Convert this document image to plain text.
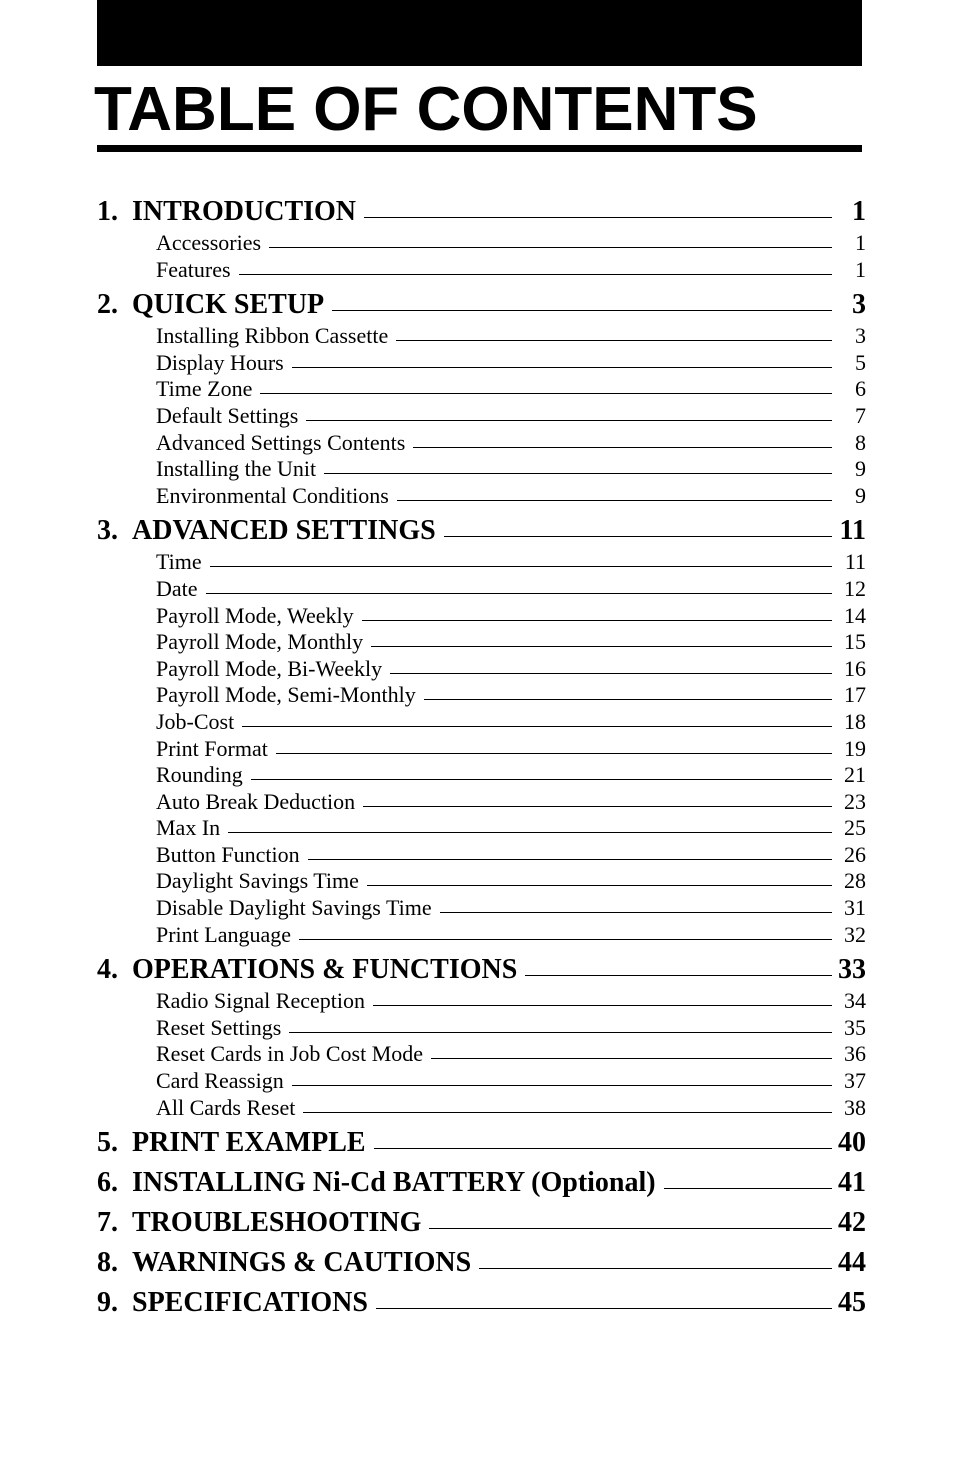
TABLE OF CONTENTS
1. INTRODUCTION	1
Accessories	1
Features	1
2. QUICK SETUP	3
Installing Ribbon Cassette	3
Display Hours	5
Time Zone	6
Default Settings	7
Advanced Settings Contents	8
Installing the Unit	9
Environmental Conditions	9
3. ADVANCED SETTINGS	11
Time	11
Date	12
Payroll Mode, Weekly	14
Payroll Mode, Monthly	15
Payroll Mode, Bi-Weekly	16
Payroll Mode, Semi-Monthly	17
Job-Cost	18
Print Format	19
Rounding	21
Auto Break Deduction	23
Max In	25
Button Function	26
Daylight Savings Time	28
Disable Daylight Savings Time	31
Print Language	32
4. OPERATIONS & FUNCTIONS	33
Radio Signal Reception	34
Reset Settings	35
Reset Cards in Job Cost Mode	36
Card Reassign	37
All Cards Reset	38
5. PRINT EXAMPLE	40
6. INSTALLING Ni-Cd BATTERY (Optional)	41
7. TROUBLESHOOTING	42
8. WARNINGS & CAUTIONS	44
9. SPECIFICATIONS	45
